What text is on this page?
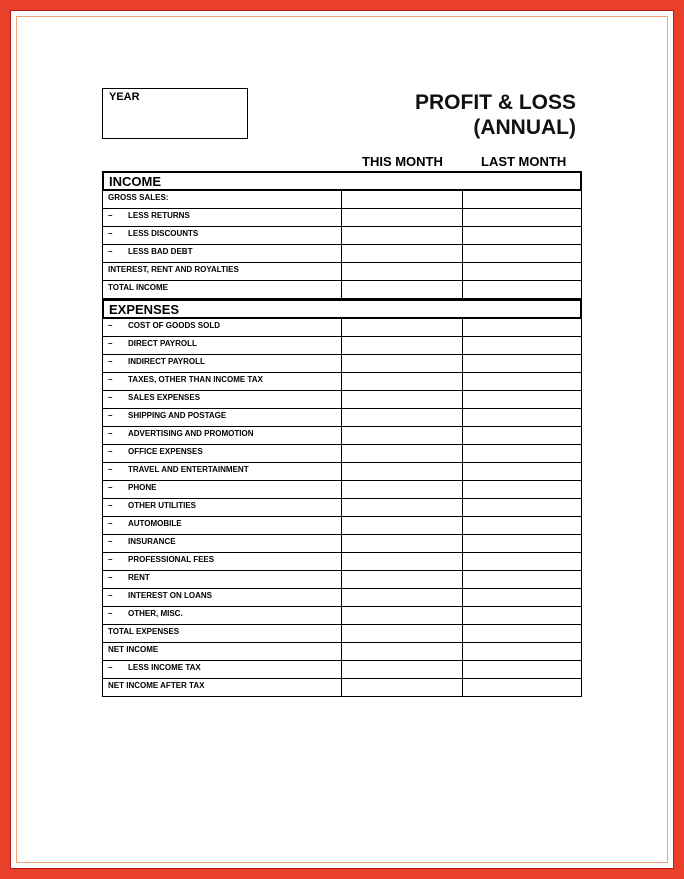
YEAR	PROFIT & LOSS
(ANNUAL)
THIS MONTH	LAST MONTH
INCOME
GROSS SALES:
– LESS RETURNS
– LESS DISCOUNTS
– LESS BAD DEBT
INTEREST, RENT AND ROYALTIES
TOTAL INCOME
EXPENSES
– COST OF GOODS SOLD
– DIRECT PAYROLL
– INDIRECT PAYROLL
– TAXES, OTHER THAN INCOME TAX
– SALES EXPENSES
– SHIPPING AND POSTAGE
– ADVERTISING AND PROMOTION
– OFFICE EXPENSES
– TRAVEL AND ENTERTAINMENT
– PHONE
– OTHER UTILITIES
– AUTOMOBILE
– INSURANCE
– PROFESSIONAL FEES
– RENT
– INTEREST ON LOANS
– OTHER, MISC.
TOTAL EXPENSES
NET INCOME
– LESS INCOME TAX
NET INCOME AFTER TAX
